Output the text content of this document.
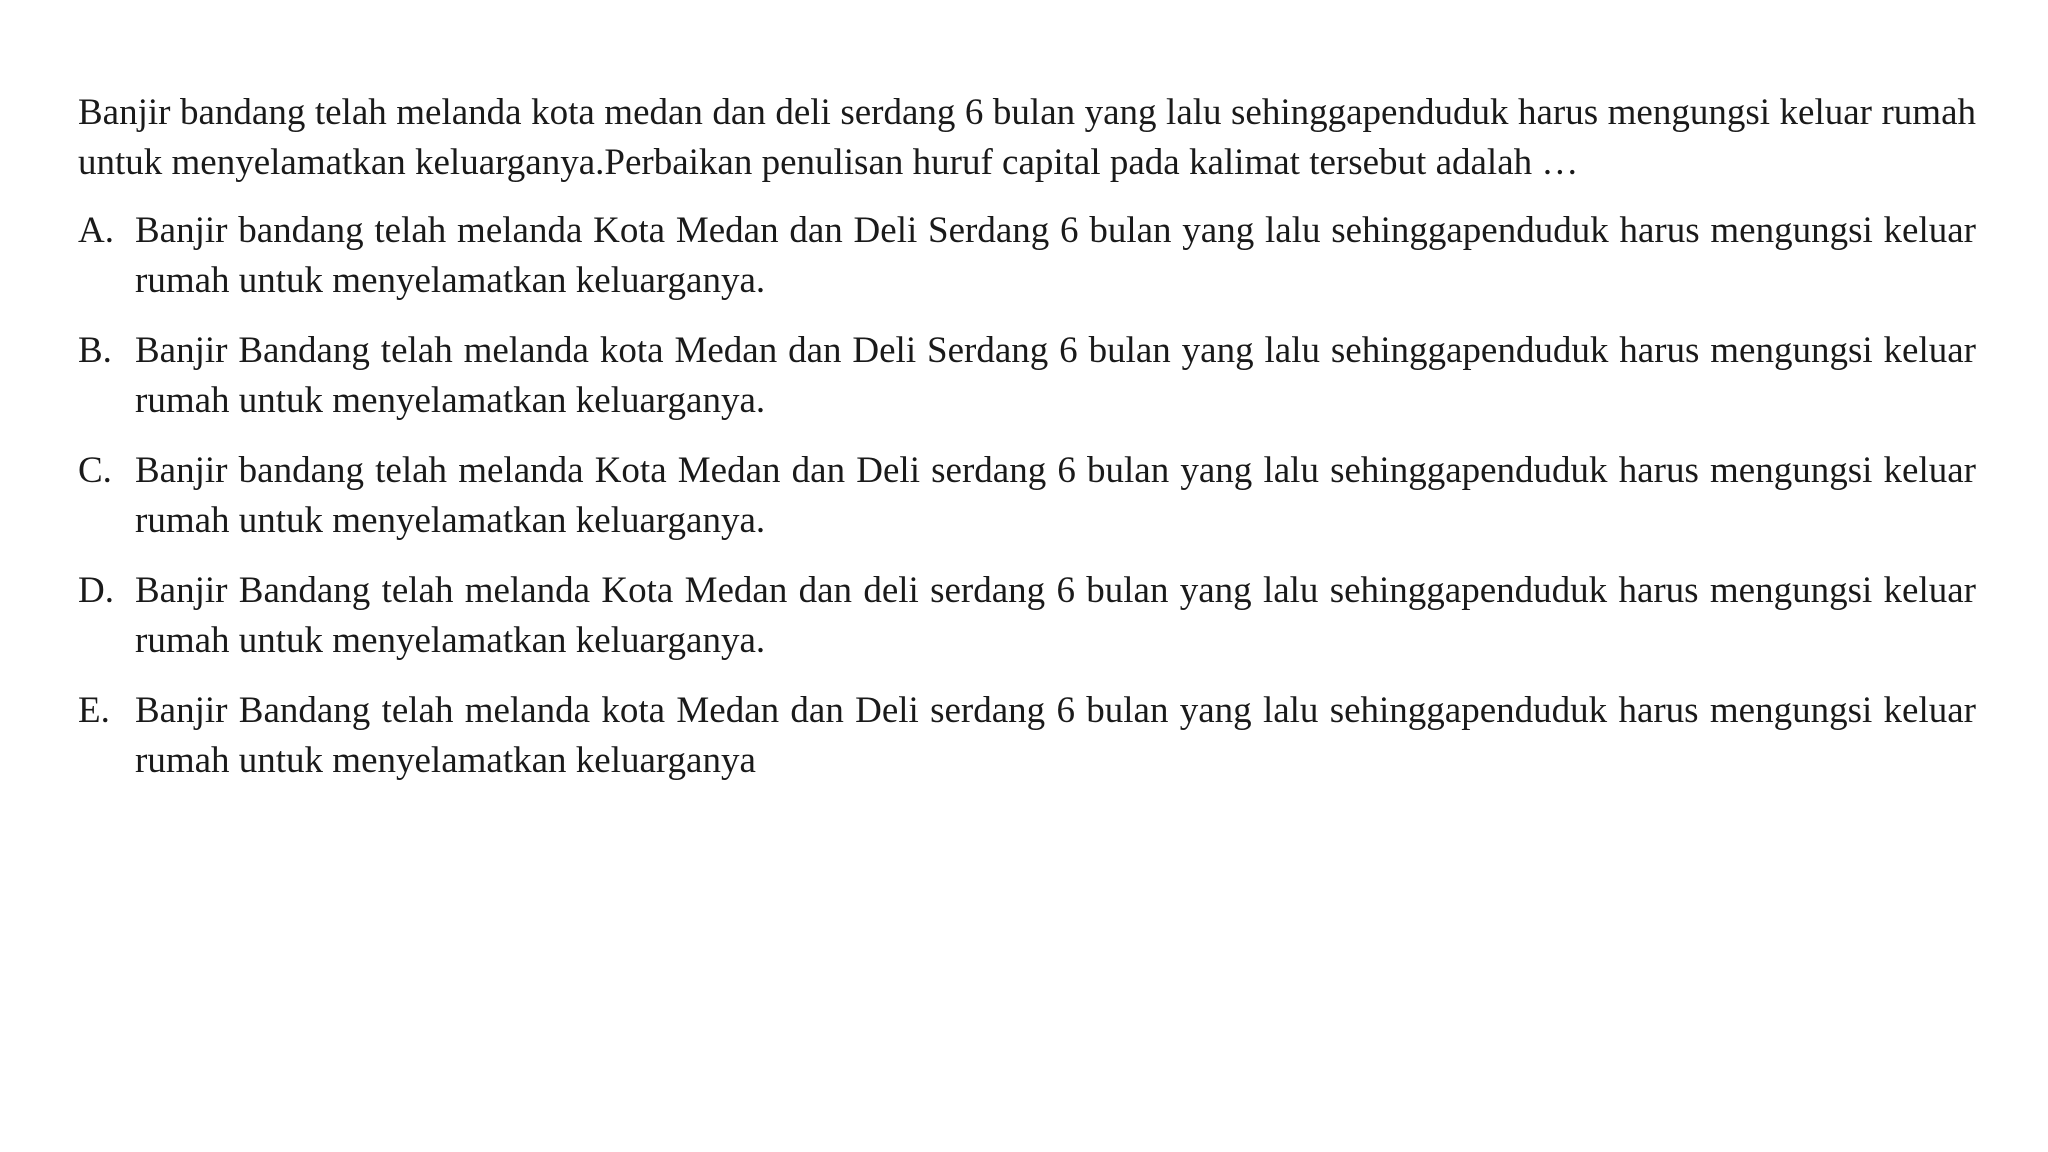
Banjir bandang telah melanda kota medan dan deli serdang 6 bulan yang lalu sehinggapenduduk harus mengungsi keluar rumah untuk menyelamatkan keluarganya.Perbaikan penulisan huruf capital pada kalimat tersebut adalah …

A. Banjir bandang telah melanda Kota Medan dan Deli Serdang 6 bulan yang lalu sehinggapenduduk harus mengungsi keluar rumah untuk menyelamatkan keluarganya.
B. Banjir Bandang telah melanda kota Medan dan Deli Serdang 6 bulan yang lalu sehinggapenduduk harus mengungsi keluar rumah untuk menyelamatkan keluarganya.
C. Banjir bandang telah melanda Kota Medan dan Deli serdang 6 bulan yang lalu sehinggapenduduk harus mengungsi keluar rumah untuk menyelamatkan keluarganya.
D. Banjir Bandang telah melanda Kota Medan dan deli serdang 6 bulan yang lalu sehinggapenduduk harus mengungsi keluar rumah untuk menyelamatkan keluarganya.
E. Banjir Bandang telah melanda kota Medan dan Deli serdang 6 bulan yang lalu sehinggapenduduk harus mengungsi keluar rumah untuk menyelamatkan keluarganya
